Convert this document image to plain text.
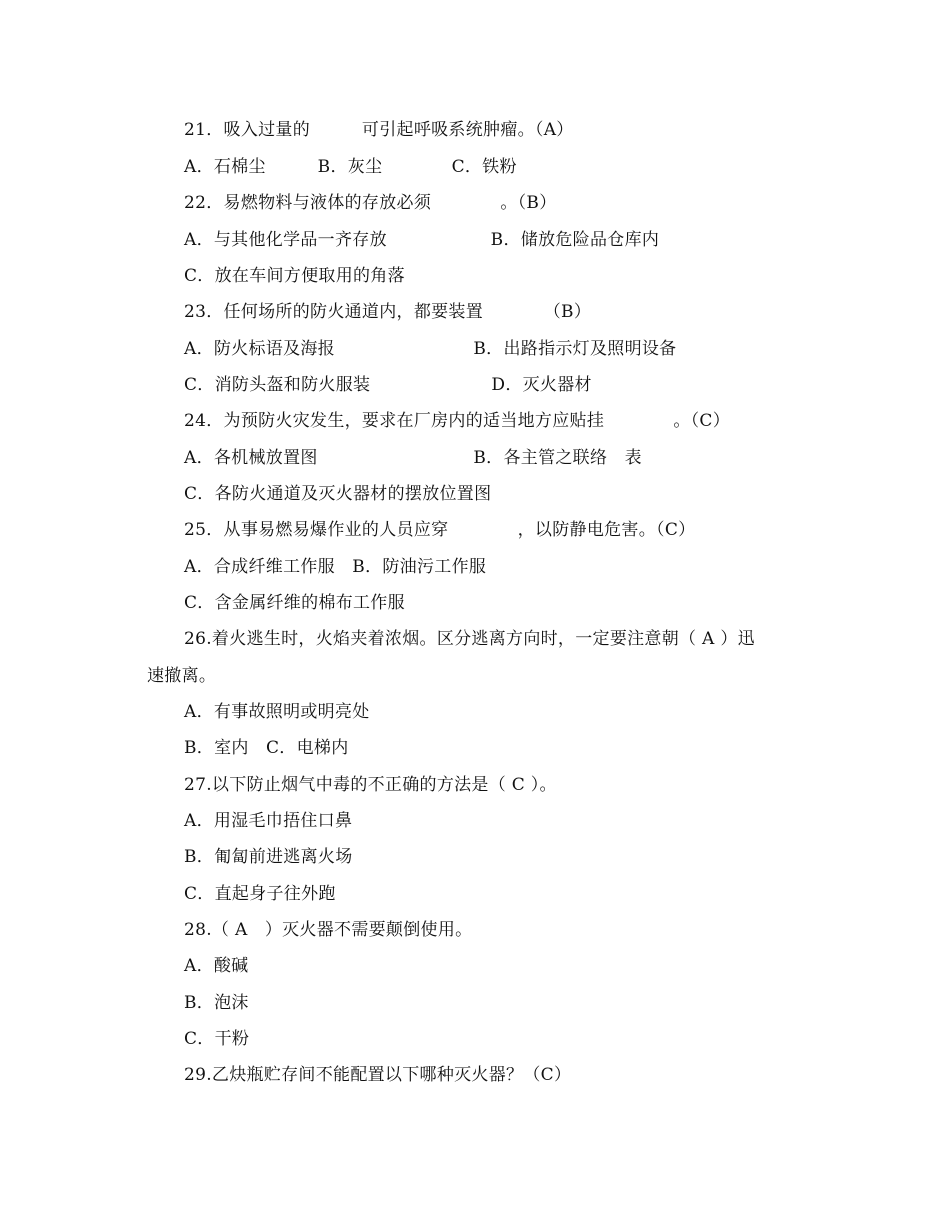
21．吸入过量的　　　可引起呼吸系统肿瘤。（A）
A．石棉尘　　　B．灰尘　　　　C．铁粉
22．易燃物料与液体的存放必须　　　　。（B）
A．与其他化学品一齐存放　　　　　　B．储放危险品仓库内
C．放在车间方便取用的角落
23．任何场所的防火通道内，都要装置　　　　（B）
A．防火标语及海报　　　　　　　　B．出路指示灯及照明设备
C．消防头盔和防火服装　　　　　　　D．灭火器材
24．为预防火灾发生，要求在厂房内的适当地方应贴挂　　　　。（C）
A．各机械放置图　　　　　　　　　B．各主管之联络　表
C．各防火通道及灭火器材的摆放位置图
25．从事易燃易爆作业的人员应穿　　　　，以防静电危害。（C）
A．合成纤维工作服　B．防油污工作服
C．含金属纤维的棉布工作服
26.着火逃生时，火焰夹着浓烟。区分逃离方向时，一定要注意朝（ A ）迅
速撤离。
A．有事故照明或明亮处
B．室内　C．电梯内
27.以下防止烟气中毒的不正确的方法是（ C ）。
A．用湿毛巾捂住口鼻
B．匍匐前进逃离火场
C．直起身子往外跑
28.（ A　）灭火器不需要颠倒使用。
A．酸碱
B．泡沫
C．干粉
29.乙炔瓶贮存间不能配置以下哪种灭火器？（C）
